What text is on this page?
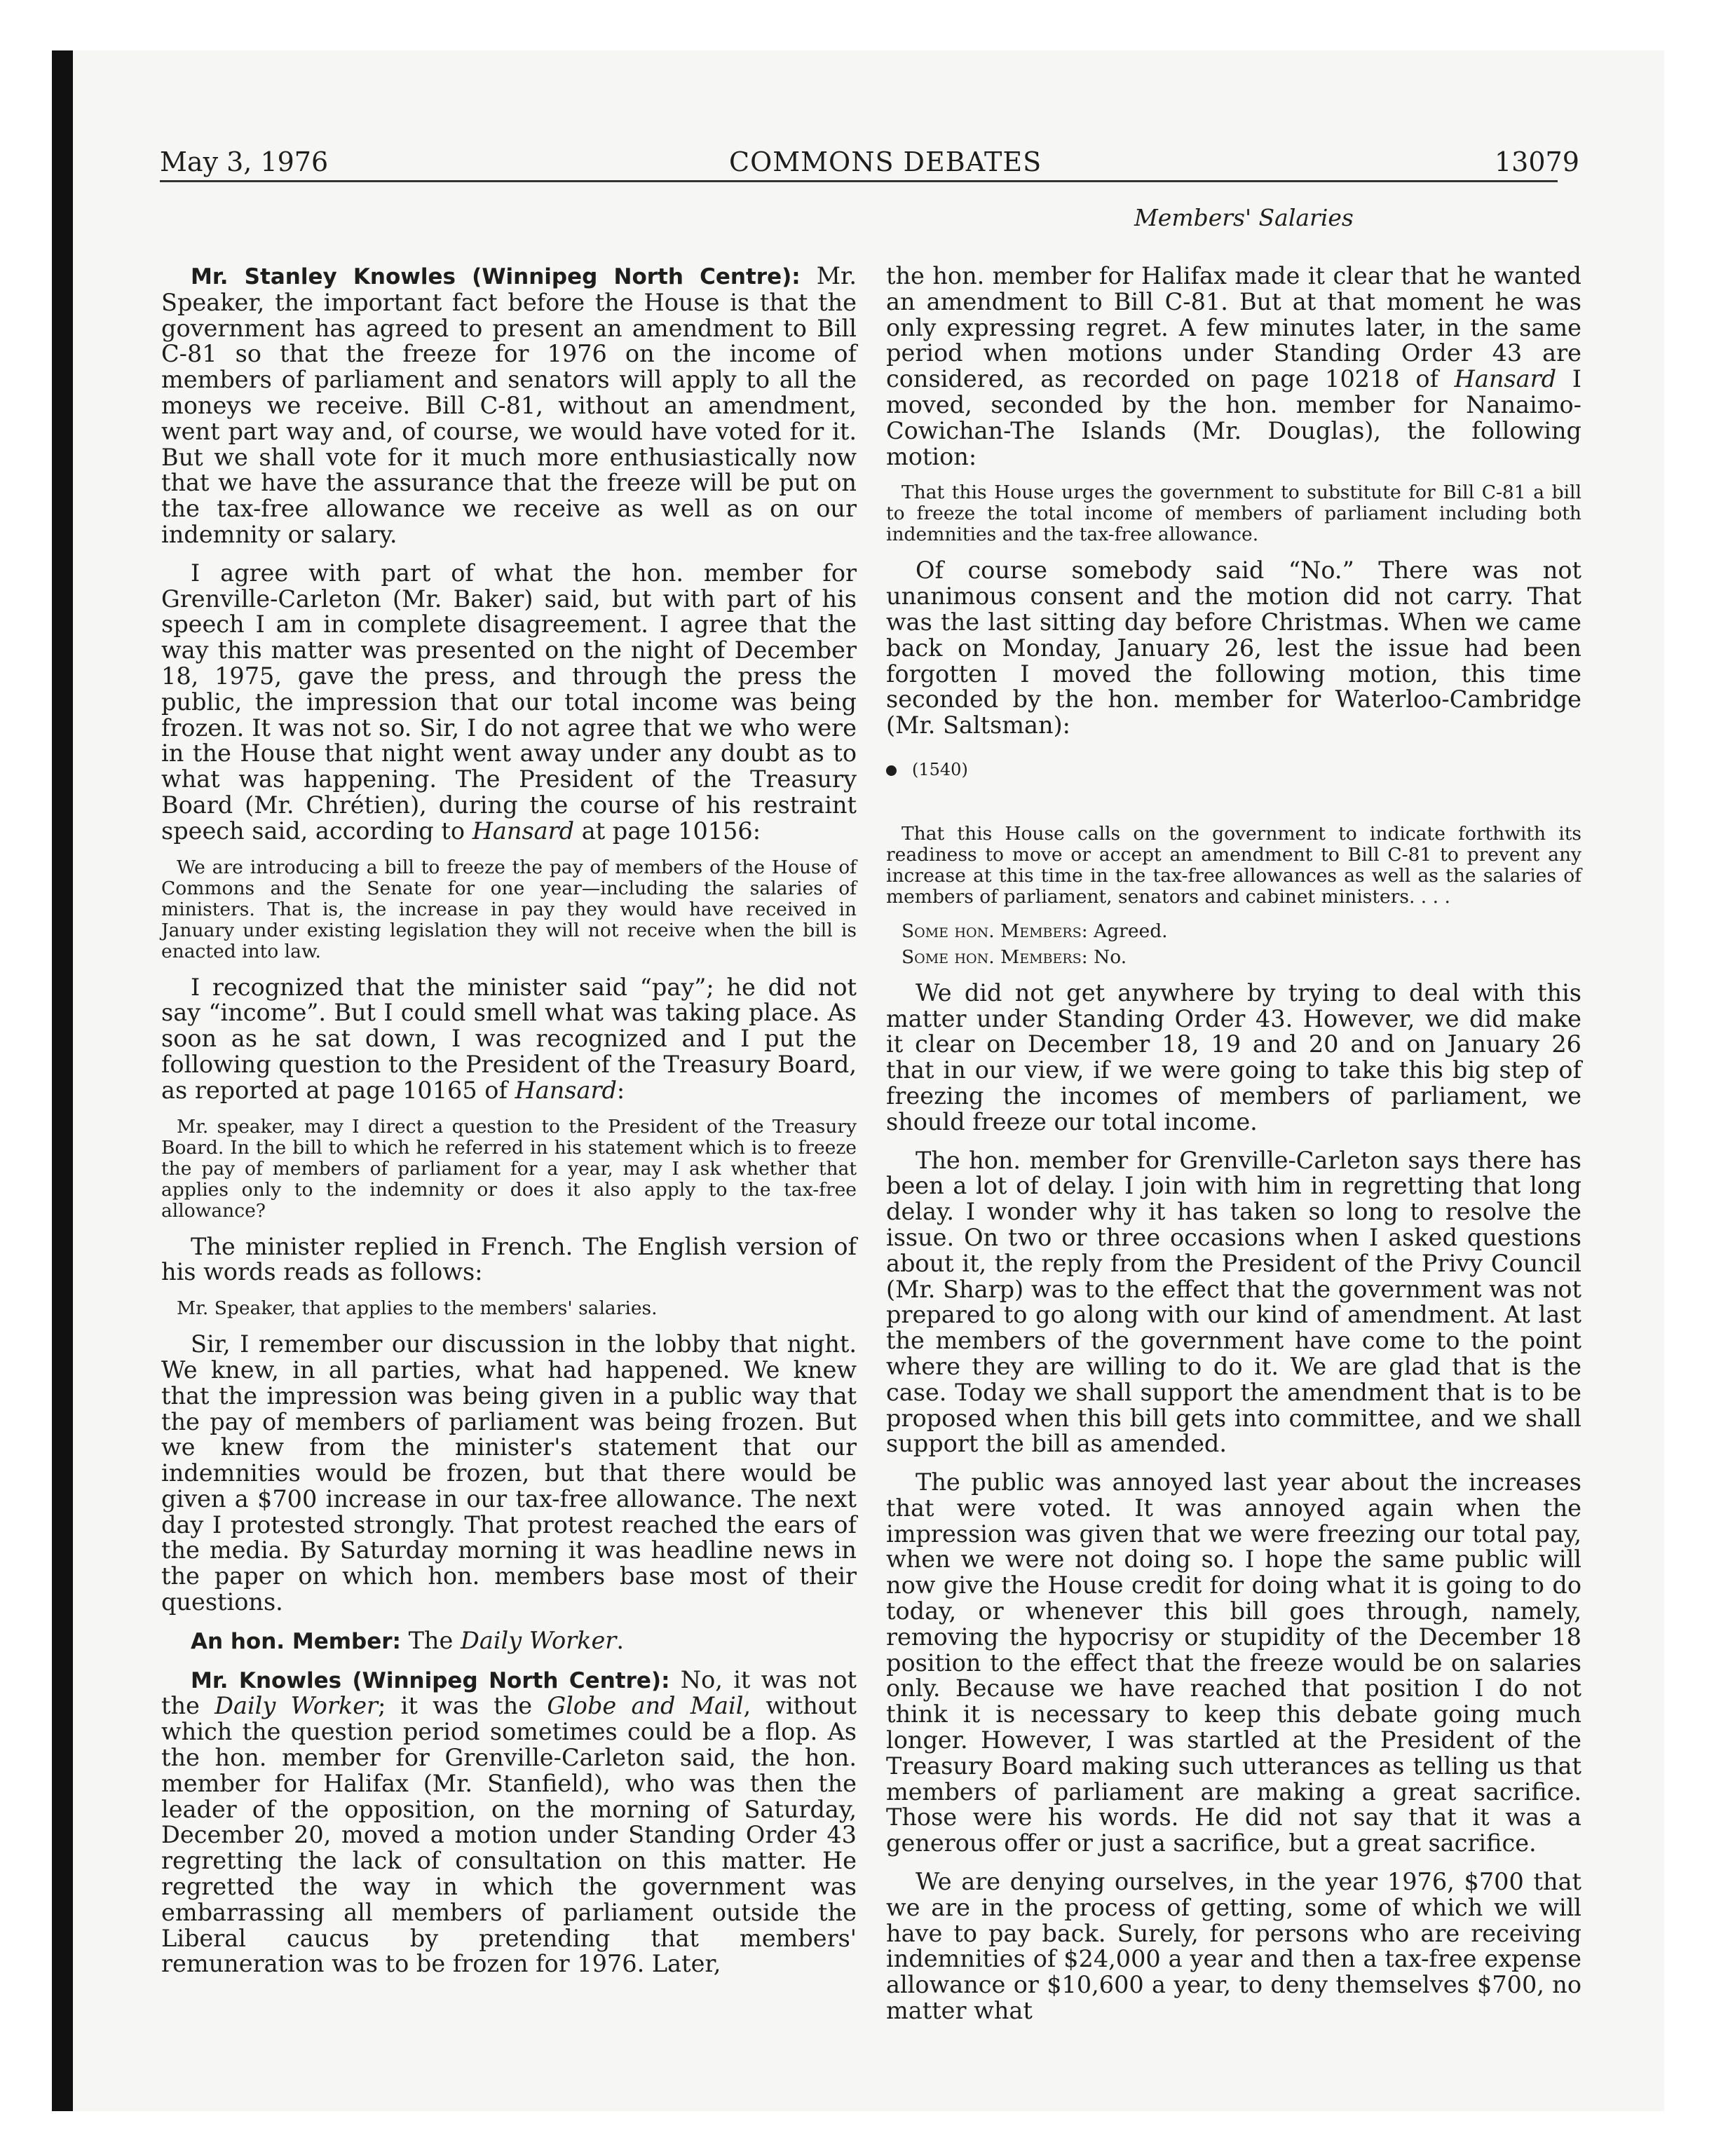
May 3, 1976	COMMONS DEBATES	13079
Members' Salaries

Mr. Stanley Knowles (Winnipeg North Centre): Mr. Speaker, the important fact before the House is that the government has agreed to present an amendment to Bill C-81 so that the freeze for 1976 on the income of members of parliament and senators will apply to all the moneys we receive. Bill C-81, without an amendment, went part way and, of course, we would have voted for it. But we shall vote for it much more enthusiastically now that we have the assurance that the freeze will be put on the tax-free allowance we receive as well as on our indemnity or salary.

I agree with part of what the hon. member for Grenville-Carleton (Mr. Baker) said, but with part of his speech I am in complete disagreement. I agree that the way this matter was presented on the night of December 18, 1975, gave the press, and through the press the public, the impression that our total income was being frozen. It was not so. Sir, I do not agree that we who were in the House that night went away under any doubt as to what was happening. The President of the Treasury Board (Mr. Chrétien), during the course of his restraint speech said, according to Hansard at page 10156:

We are introducing a bill to freeze the pay of members of the House of Commons and the Senate for one year—including the salaries of ministers. That is, the increase in pay they would have received in January under existing legislation they will not receive when the bill is enacted into law.

I recognized that the minister said “pay”; he did not say “income”. But I could smell what was taking place. As soon as he sat down, I was recognized and I put the following question to the President of the Treasury Board, as reported at page 10165 of Hansard:

Mr. speaker, may I direct a question to the President of the Treasury Board. In the bill to which he referred in his statement which is to freeze the pay of members of parliament for a year, may I ask whether that applies only to the indemnity or does it also apply to the tax-free allowance?

The minister replied in French. The English version of his words reads as follows:

Mr. Speaker, that applies to the members' salaries.

Sir, I remember our discussion in the lobby that night. We knew, in all parties, what had happened. We knew that the impression was being given in a public way that the pay of members of parliament was being frozen. But we knew from the minister's statement that our indemnities would be frozen, but that there would be given a $700 increase in our tax-free allowance. The next day I protested strongly. That protest reached the ears of the media. By Saturday morning it was headline news in the paper on which hon. members base most of their questions.

An hon. Member: The Daily Worker.

Mr. Knowles (Winnipeg North Centre): No, it was not the Daily Worker; it was the Globe and Mail, without which the question period sometimes could be a flop. As the hon. member for Grenville-Carleton said, the hon. member for Halifax (Mr. Stanfield), who was then the leader of the opposition, on the morning of Saturday, December 20, moved a motion under Standing Order 43 regretting the lack of consultation on this matter. He regretted the way in which the government was embarrassing all members of parliament outside the Liberal caucus by pretending that members' remuneration was to be frozen for 1976. Later,

the hon. member for Halifax made it clear that he wanted an amendment to Bill C-81. But at that moment he was only expressing regret. A few minutes later, in the same period when motions under Standing Order 43 are considered, as recorded on page 10218 of Hansard I moved, seconded by the hon. member for Nanaimo-Cowichan-The Islands (Mr. Douglas), the following motion:

That this House urges the government to substitute for Bill C-81 a bill to freeze the total income of members of parliament including both indemnities and the tax-free allowance.

Of course somebody said “No.” There was not unanimous consent and the motion did not carry. That was the last sitting day before Christmas. When we came back on Monday, January 26, lest the issue had been forgotten I moved the following motion, this time seconded by the hon. member for Waterloo-Cambridge (Mr. Saltsman):

(1540)

That this House calls on the government to indicate forthwith its readiness to move or accept an amendment to Bill C-81 to prevent any increase at this time in the tax-free allowances as well as the salaries of members of parliament, senators and cabinet ministers. . . .

Some hon. Members: Agreed.

Some hon. Members: No.

We did not get anywhere by trying to deal with this matter under Standing Order 43. However, we did make it clear on December 18, 19 and 20 and on January 26 that in our view, if we were going to take this big step of freezing the incomes of members of parliament, we should freeze our total income.

The hon. member for Grenville-Carleton says there has been a lot of delay. I join with him in regretting that long delay. I wonder why it has taken so long to resolve the issue. On two or three occasions when I asked questions about it, the reply from the President of the Privy Council (Mr. Sharp) was to the effect that the government was not prepared to go along with our kind of amendment. At last the members of the government have come to the point where they are willing to do it. We are glad that is the case. Today we shall support the amendment that is to be proposed when this bill gets into committee, and we shall support the bill as amended.

The public was annoyed last year about the increases that were voted. It was annoyed again when the impression was given that we were freezing our total pay, when we were not doing so. I hope the same public will now give the House credit for doing what it is going to do today, or whenever this bill goes through, namely, removing the hypocrisy or stupidity of the December 18 position to the effect that the freeze would be on salaries only. Because we have reached that position I do not think it is necessary to keep this debate going much longer. However, I was startled at the President of the Treasury Board making such utterances as telling us that members of parliament are making a great sacrifice. Those were his words. He did not say that it was a generous offer or just a sacrifice, but a great sacrifice.

We are denying ourselves, in the year 1976, $700 that we are in the process of getting, some of which we will have to pay back. Surely, for persons who are receiving indemnities of $24,000 a year and then a tax-free expense allowance or $10,600 a year, to deny themselves $700, no matter what
